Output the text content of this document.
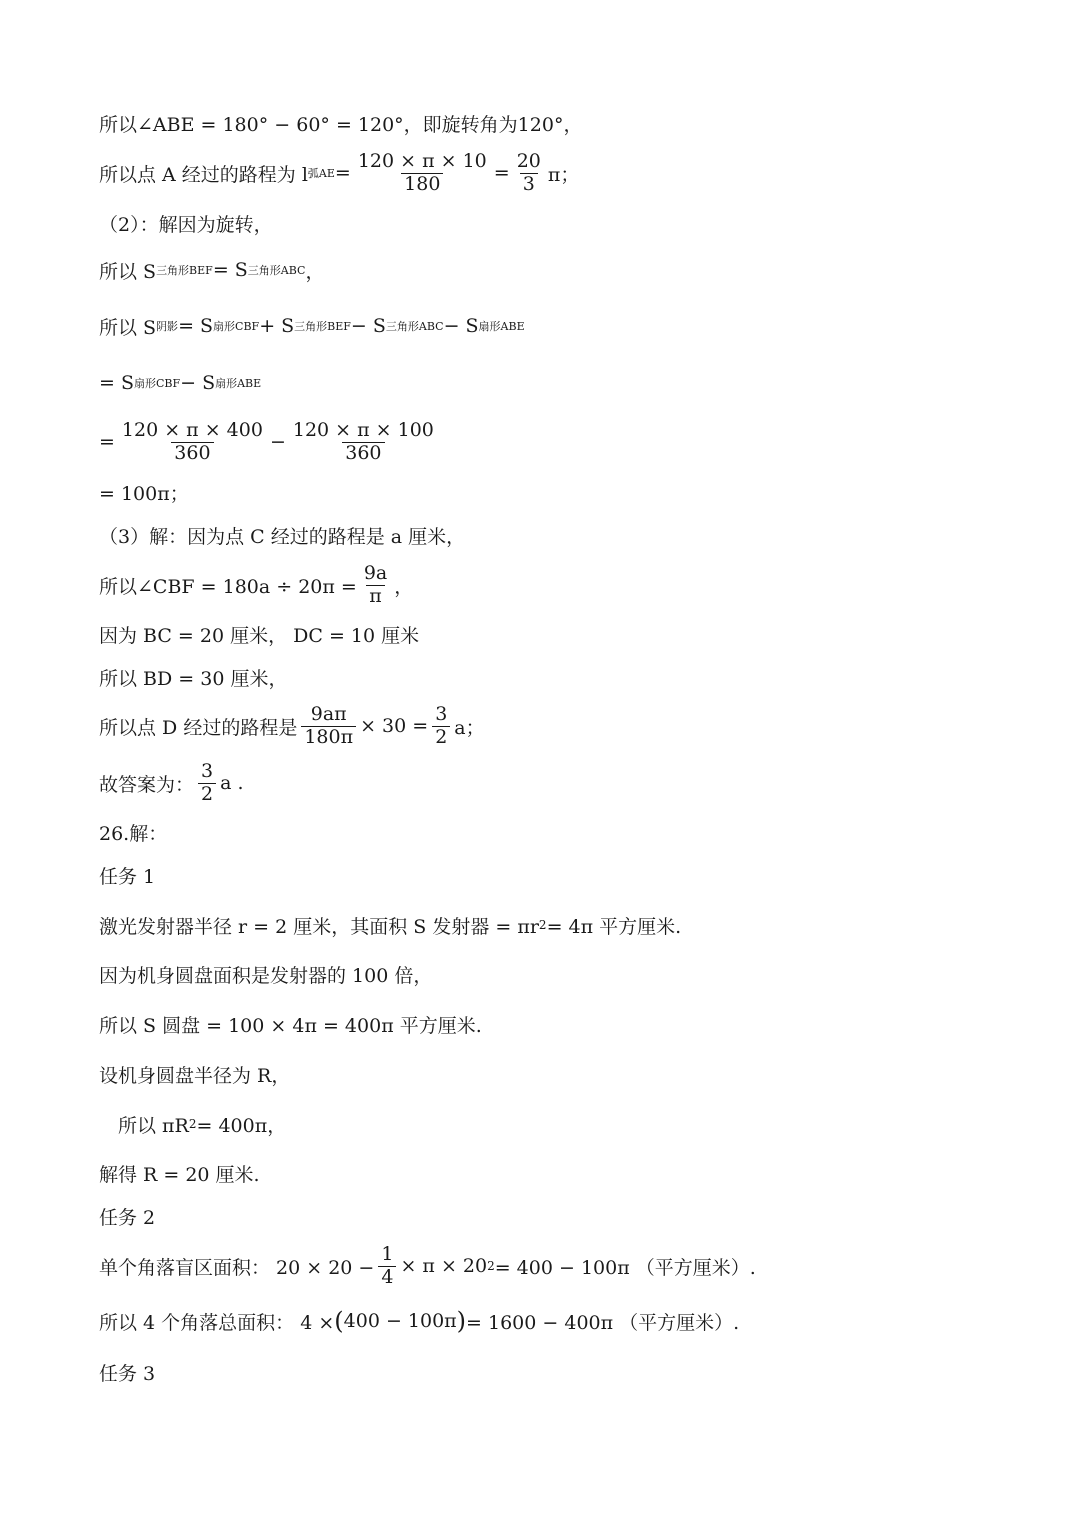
所以∠ABE = 180° − 60° = 120°，即旋转角为120°，
所以点 A 经过的路程为 l 弧AE = $\frac{120 \times \pi \times 10}{180} = \frac{20}{3}$ π；
（2）：解因为旋转，
所以 S 三角形BEF = S 三角形ABC ，
所以 S 阴影 = S 扇形CBF + S 三角形BEF − S 三角形ABC − S 扇形ABE
= S 扇形CBF − S 扇形ABE
= $\frac{120 \times \pi \times 400}{360} - \frac{120 \times \pi \times 100}{360}$
= 100π；
（3）解：因为点 C 经过的路程是 a 厘米，
所以∠CBF = $180a \div 20\pi = \frac{9a}{\pi}$ ，
因为 BC = 20 厘米， DC = 10 厘米
所以 BD = 30 厘米，
所以点 D 经过的路程是 $\frac{9a\pi}{180\pi} \times 30 = \frac{3}{2}$ a；
故答案为： $\frac{3}{2}$ a .
26.解：
任务 1
激光发射器半径 r = 2 厘米，其面积 S 发射器 = πr 2 = 4π 平方厘米.
因为机身圆盘面积是发射器的 100 倍，
所以 S 圆盘 = 100 × 4π = 400π 平方厘米.
设机身圆盘半径为 R，
所以 πR 2 = 400π，
解得 R = 20 厘米.
任务 2
单个角落盲区面积： $20 \times 20 - \frac{1}{4} \times \pi \times 20$ 2 = 400 − 100π （平方厘米）.
所以 4 个角落总面积： 4 × ( 400 − 100π ) = 1600 − 400π （平方厘米）.
任务 3
